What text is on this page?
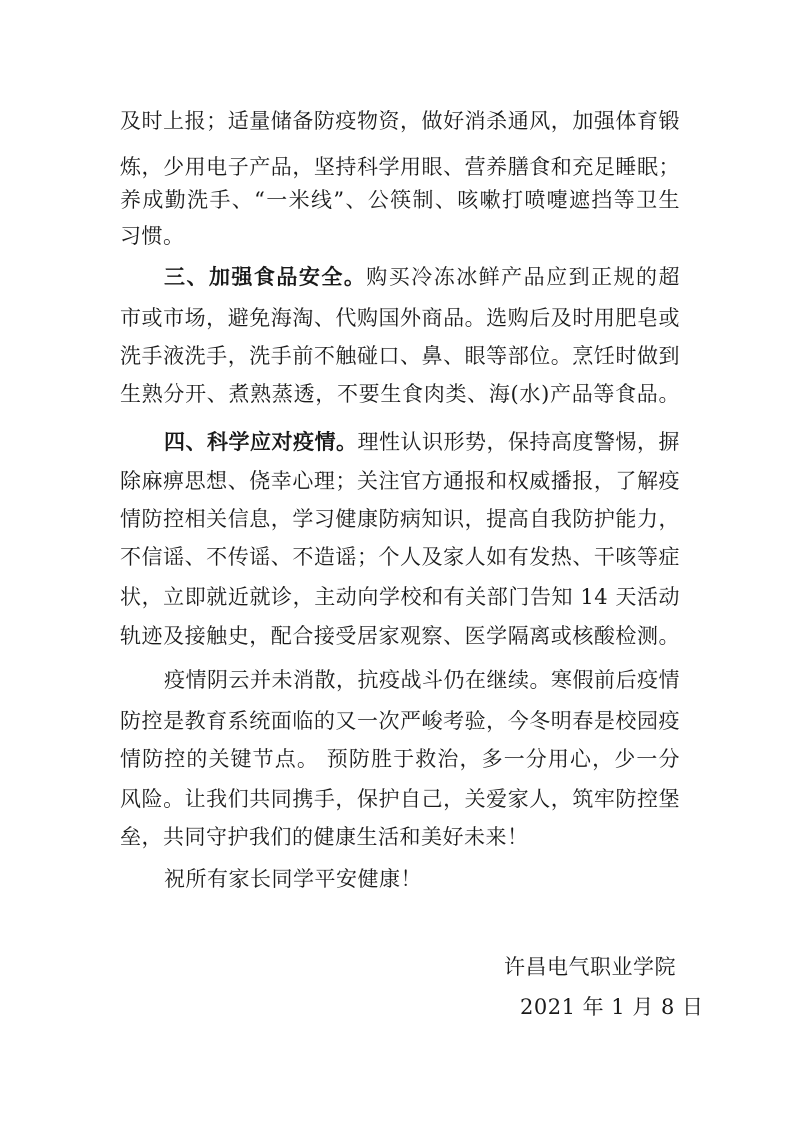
及时上报；适量储备防疫物资，做好消杀通风，加强体育锻
炼，少用电子产品，坚持科学用眼、营养膳食和充足睡眠；
养成勤洗手、“一米线”、公筷制、咳嗽打喷嚏遮挡等卫生
习惯。
三、加强食品安全。购买冷冻冰鲜产品应到正规的超
市或市场，避免海淘、代购国外商品。选购后及时用肥皂或
洗手液洗手，洗手前不触碰口、鼻、眼等部位。烹饪时做到
生熟分开、煮熟蒸透，不要生食肉类、海(水)产品等食品。
四、科学应对疫情。理性认识形势，保持高度警惕，摒
除麻痹思想、侥幸心理；关注官方通报和权威播报，了解疫
情防控相关信息，学习健康防病知识，提高自我防护能力，
不信谣、不传谣、不造谣；个人及家人如有发热、干咳等症
状，立即就近就诊，主动向学校和有关部门告知 14 天活动
轨迹及接触史，配合接受居家观察、医学隔离或核酸检测。
疫情阴云并未消散，抗疫战斗仍在继续。寒假前后疫情
防控是教育系统面临的又一次严峻考验，今冬明春是校园疫
情防控的关键节点。 预防胜于救治，多一分用心，少一分
风险。让我们共同携手，保护自己，关爱家人，筑牢防控堡
垒，共同守护我们的健康生活和美好未来！
祝所有家长同学平安健康！
许昌电气职业学院
2021 年 1 月 8 日
